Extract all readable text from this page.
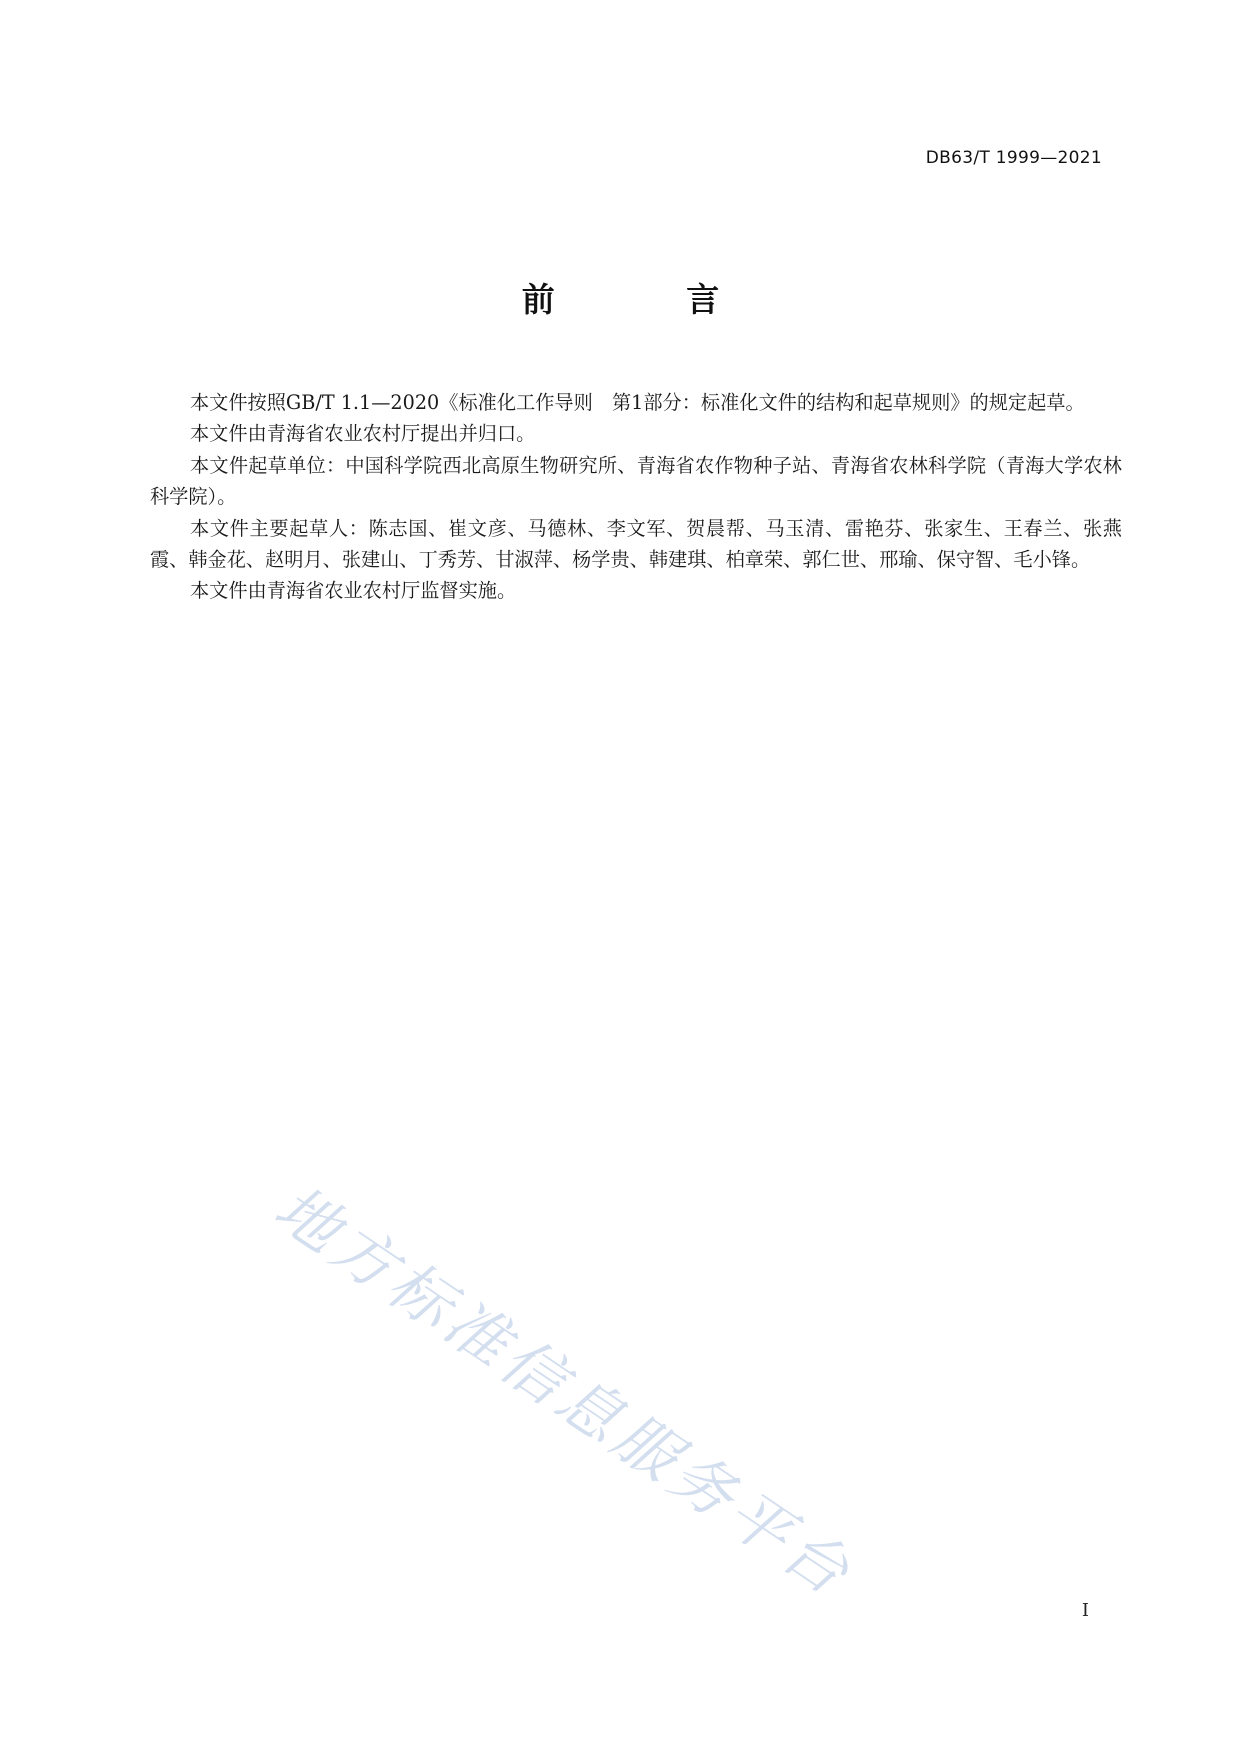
DB63/T 1999—2021
前 言

本文件按照GB/T 1.1—2020《标准化工作导则　第1部分：标准化文件的结构和起草规则》的规定起草。

本文件由青海省农业农村厅提出并归口。

本文件起草单位：中国科学院西北高原生物研究所、青海省农作物种子站、青海省农林科学院（青海大学农林科学院）。

本文件主要起草人：陈志国、崔文彦、马德林、李文军、贺晨帮、马玉清、雷艳芬、张家生、王春兰、张燕霞、韩金花、赵明月、张建山、丁秀芳、甘淑萍、杨学贵、韩建琪、柏章荣、郭仁世、邢瑜、保守智、毛小锋。

本文件由青海省农业农村厅监督实施。

地方标准信息服务平台	I
